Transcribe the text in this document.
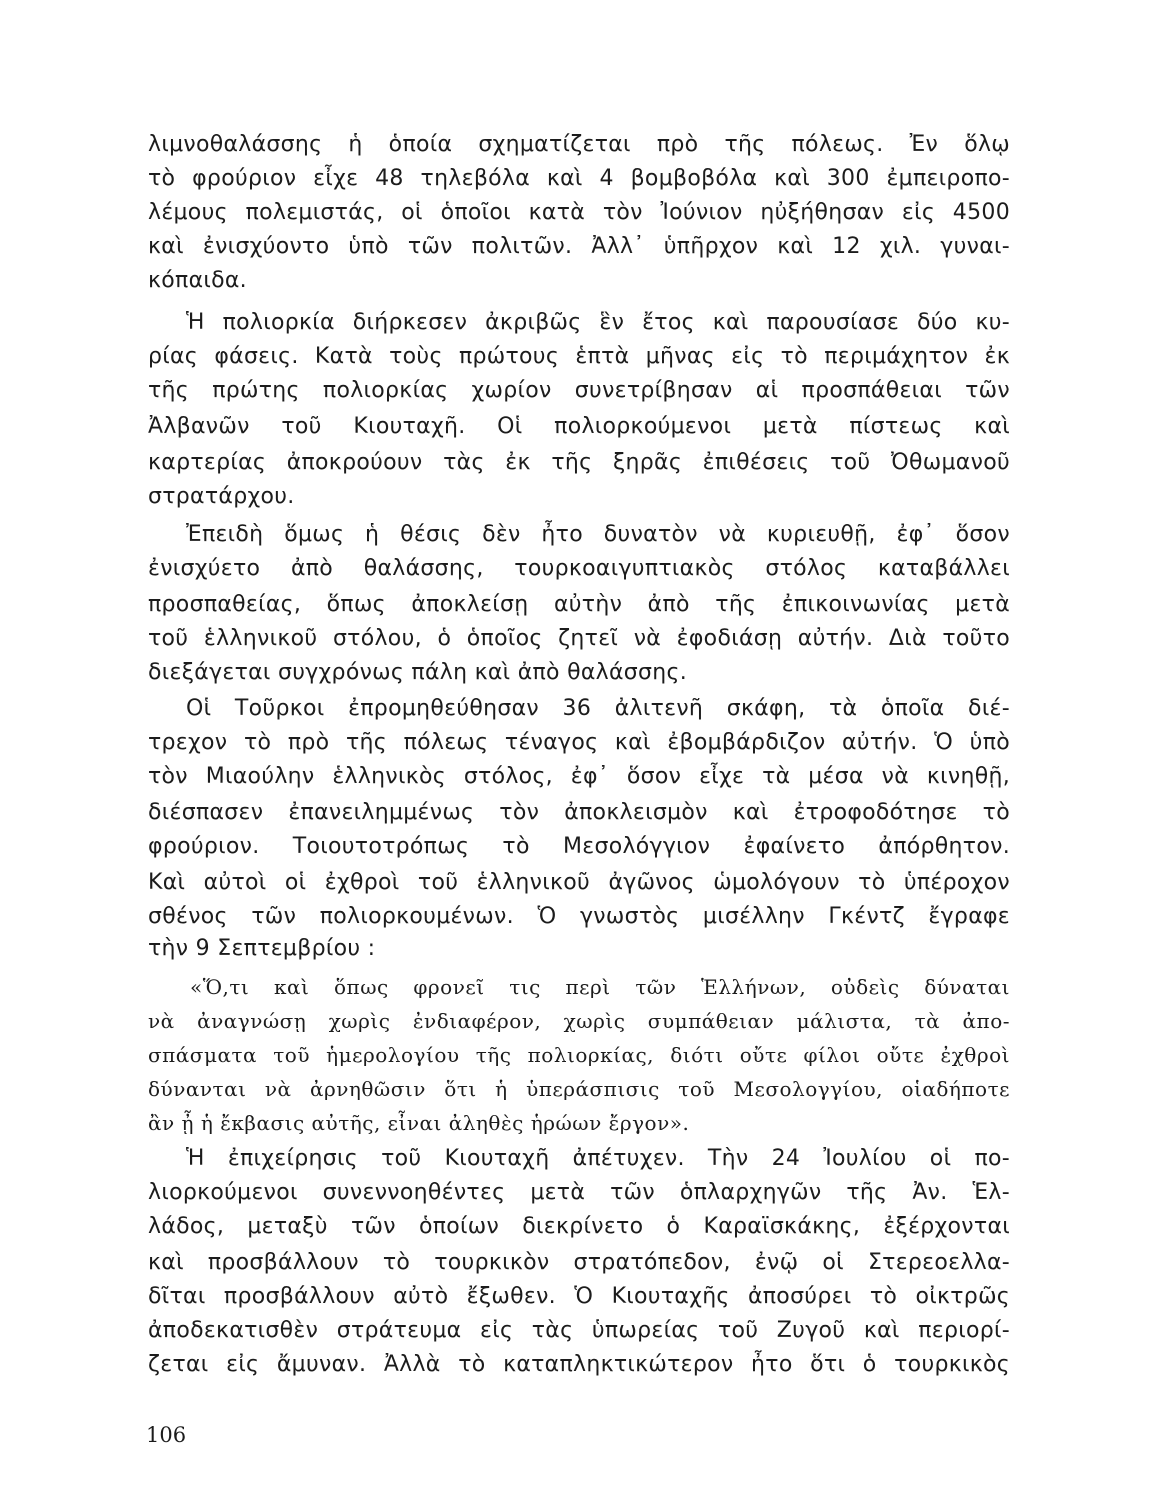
λιμνοθαλάσσης ἡ ὁποία σχηματίζεται πρὸ τῆς πόλεως. Ἐν ὅλῳ
τὸ φρούριον εἶχε 48 τηλεβόλα καὶ 4 βομβοβόλα καὶ 300 ἐμπειροπο-
λέμους πολεμιστάς, οἱ ὁποῖοι κατὰ τὸν Ἰούνιον ηὐξήθησαν εἰς 4500
καὶ ἐνισχύοντο ὑπὸ τῶν πολιτῶν. Ἀλλ᾽ ὑπῆρχον καὶ 12 χιλ. γυναι-
κόπαιδα.
Ἡ πολιορκία διήρκεσεν ἀκριβῶς ἓν ἔτος καὶ παρουσίασε δύο κυ-
ρίας φάσεις. Κατὰ τοὺς πρώτους ἑπτὰ μῆνας εἰς τὸ περιμάχητον ἐκ
τῆς πρώτης πολιορκίας χωρίον συνετρίβησαν αἱ προσπάθειαι τῶν
Ἀλβανῶν τοῦ Κιουταχῆ. Οἱ πολιορκούμενοι μετὰ πίστεως καὶ
καρτερίας ἀποκρούουν τὰς ἐκ τῆς ξηρᾶς ἐπιθέσεις τοῦ Ὀθωμανοῦ
στρατάρχου.
Ἐπειδὴ ὅμως ἡ θέσις δὲν ἦτο δυνατὸν νὰ κυριευθῇ, ἐφ᾽ ὅσον
ἐνισχύετο ἀπὸ θαλάσσης, τουρκοαιγυπτιακὸς στόλος καταβάλλει
προσπαθείας, ὅπως ἀποκλείσῃ αὐτὴν ἀπὸ τῆς ἐπικοινωνίας μετὰ
τοῦ ἑλληνικοῦ στόλου, ὁ ὁποῖος ζητεῖ νὰ ἐφοδιάσῃ αὐτήν. Διὰ τοῦτο
διεξάγεται συγχρόνως πάλη καὶ ἀπὸ θαλάσσης.
Οἱ Τοῦρκοι ἐπρομηθεύθησαν 36 ἀλιτενῆ σκάφη, τὰ ὁποῖα διέ-
τρεχον τὸ πρὸ τῆς πόλεως τέναγος καὶ ἐβομβάρδιζον αὐτήν. Ὁ ὑπὸ
τὸν Μιαούλην ἑλληνικὸς στόλος, ἐφ᾽ ὅσον εἶχε τὰ μέσα νὰ κινηθῇ,
διέσπασεν ἐπανειλημμένως τὸν ἀποκλεισμὸν καὶ ἐτροφοδότησε τὸ
φρούριον. Τοιουτοτρόπως τὸ Μεσολόγγιον ἐφαίνετο ἀπόρθητον.
Καὶ αὐτοὶ οἱ ἐχθροὶ τοῦ ἑλληνικοῦ ἀγῶνος ὡμολόγουν τὸ ὑπέροχον
σθένος τῶν πολιορκουμένων. Ὁ γνωστὸς μισέλλην Γκέντζ ἔγραφε
τὴν 9 Σεπτεμβρίου :
«Ὅ,τι καὶ ὅπως φρονεῖ τις περὶ τῶν Ἑλλήνων, οὐδεὶς δύναται
νὰ ἀναγνώσῃ χωρὶς ἐνδιαφέρον, χωρὶς συμπάθειαν μάλιστα, τὰ ἀπο-
σπάσματα τοῦ ἡμερολογίου τῆς πολιορκίας, διότι οὔτε φίλοι οὔτε ἐχθροὶ
δύνανται νὰ ἀρνηθῶσιν ὅτι ἡ ὑπεράσπισις τοῦ Μεσολογγίου, οἱαδήποτε
ἂν ᾖ ἡ ἔκβασις αὐτῆς, εἶναι ἀληθὲς ἡρώων ἔργον».
Ἡ ἐπιχείρησις τοῦ Κιουταχῆ ἀπέτυχεν. Τὴν 24 Ἰουλίου οἱ πο-
λιορκούμενοι συνεννοηθέντες μετὰ τῶν ὁπλαρχηγῶν τῆς Ἀν. Ἑλ-
λάδος, μεταξὺ τῶν ὁποίων διεκρίνετο ὁ Καραϊσκάκης, ἐξέρχονται
καὶ προσβάλλουν τὸ τουρκικὸν στρατόπεδον, ἐνῷ οἱ Στερεοελλα-
δῖται προσβάλλουν αὐτὸ ἔξωθεν. Ὁ Κιουταχῆς ἀποσύρει τὸ οἰκτρῶς
ἀποδεκατισθὲν στράτευμα εἰς τὰς ὑπωρείας τοῦ Ζυγοῦ καὶ περιορί-
ζεται εἰς ἄμυναν. Ἀλλὰ τὸ καταπληκτικώτερον ἦτο ὅτι ὁ τουρκικὸς
106
